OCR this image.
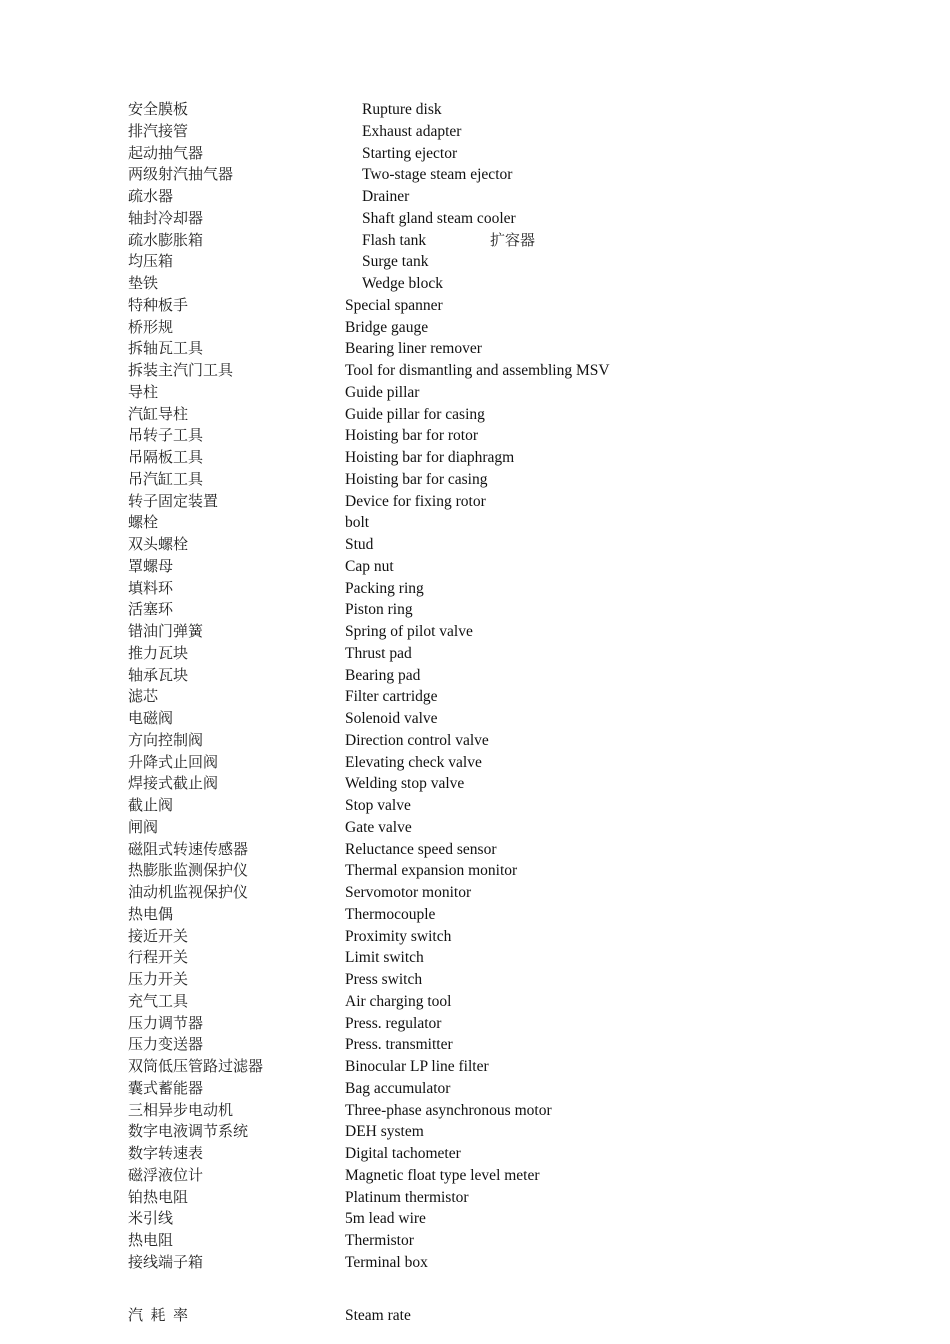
安全膜板	Rupture disk
排汽接管	Exhaust adapter
起动抽气器	Starting ejector
两级射汽抽气器	Two-stage steam ejector
疏水器	Drainer
轴封冷却器	Shaft gland steam cooler
疏水膨胀箱	Flash tank	扩容器
均压箱	Surge tank
垫铁	Wedge block
特种板手	Special spanner
桥形规	Bridge gauge
拆轴瓦工具	Bearing liner remover
拆装主汽门工具	Tool for dismantling and assembling MSV
导柱	Guide pillar
汽缸导柱	Guide pillar for casing
吊转子工具	Hoisting bar for rotor
吊隔板工具	Hoisting bar for diaphragm
吊汽缸工具	Hoisting bar for casing
转子固定装置	Device for fixing rotor
螺栓	bolt
双头螺栓	Stud
罩螺母	Cap nut
填料环	Packing ring
活塞环	Piston ring
错油门弹簧	Spring of pilot valve
推力瓦块	Thrust pad
轴承瓦块	Bearing pad
滤芯	Filter cartridge
电磁阀	Solenoid valve
方向控制阀	Direction control valve
升降式止回阀	Elevating check valve
焊接式截止阀	Welding stop valve
截止阀	Stop valve
闸阀	Gate valve
磁阻式转速传感器	Reluctance speed sensor
热膨胀监测保护仪	Thermal expansion monitor
油动机监视保护仪	Servomotor monitor
热电偶	Thermocouple
接近开关	Proximity switch
行程开关	Limit switch
压力开关	Press switch
充气工具	Air charging tool
压力调节器	Press. regulator
压力变送器	Press. transmitter
双筒低压管路过滤器	Binocular LP line filter
囊式蓄能器	Bag accumulator
三相异步电动机	Three-phase asynchronous motor
数字电液调节系统	DEH system
数字转速表	Digital tachometer
磁浮液位计	Magnetic float type level meter
铂热电阻	Platinum thermistor
米引线	5m lead wire
热电阻	Thermistor
接线端子箱	Terminal box
汽耗率	Steam rate
